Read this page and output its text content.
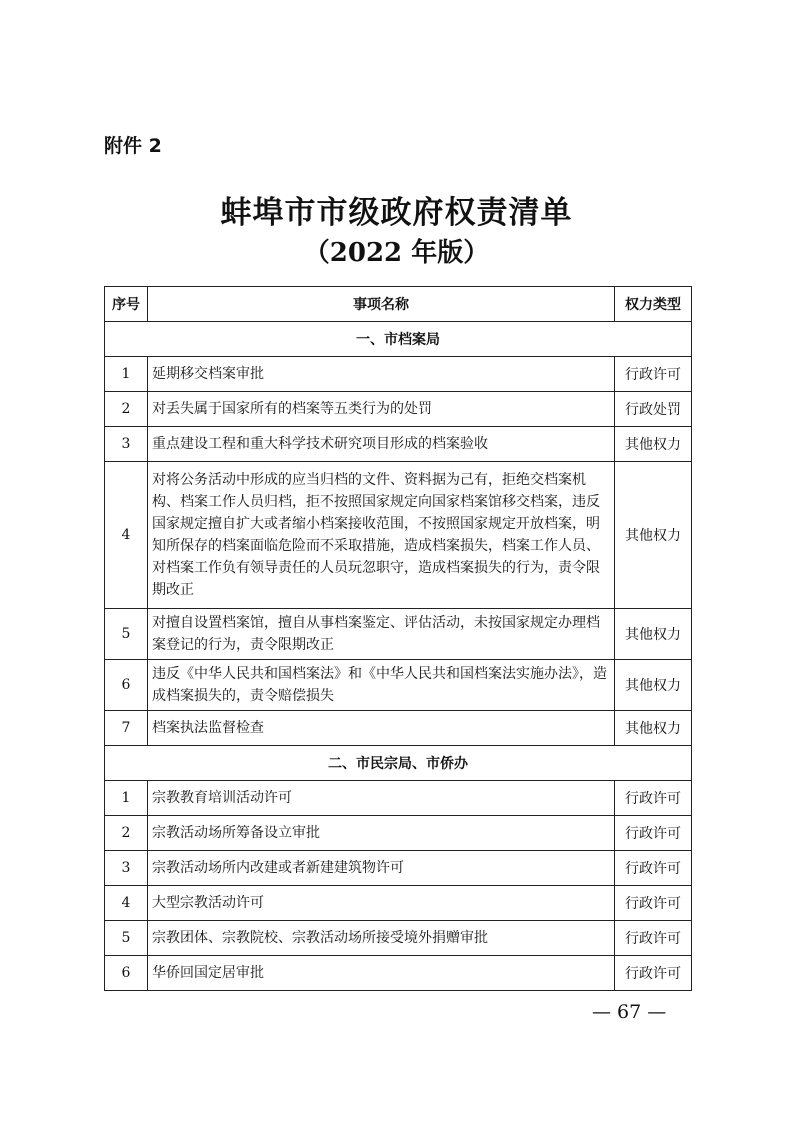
附件 2
蚌埠市市级政府权责清单
（2022 年版）
序号	事项名称	权力类型
一、市档案局		
1	延期移交档案审批	行政许可
2	对丢失属于国家所有的档案等五类行为的处罚	行政处罚
3	重点建设工程和重大科学技术研究项目形成的档案验收	其他权力
4	对将公务活动中形成的应当归档的文件、资料据为己有，拒绝交档案机构、档案工作人员归档，拒不按照国家规定向国家档案馆移交档案，违反国家规定擅自扩大或者缩小档案接收范围，不按照国家规定开放档案，明知所保存的档案面临危险而不采取措施，造成档案损失，档案工作人员、对档案工作负有领导责任的人员玩忽职守，造成档案损失的行为，责令限期改正	其他权力
5	对擅自设置档案馆，擅自从事档案鉴定、评估活动，未按国家规定办理档案登记的行为，责令限期改正	其他权力
6	违反《中华人民共和国档案法》和《中华人民共和国档案法实施办法》，造成档案损失的，责令赔偿损失	其他权力
7	档案执法监督检查	其他权力
二、市民宗局、市侨办		
1	宗教教育培训活动许可	行政许可
2	宗教活动场所筹备设立审批	行政许可
3	宗教活动场所内改建或者新建建筑物许可	行政许可
4	大型宗教活动许可	行政许可
5	宗教团体、宗教院校、宗教活动场所接受境外捐赠审批	行政许可
6	华侨回国定居审批	行政许可
— 67 —
